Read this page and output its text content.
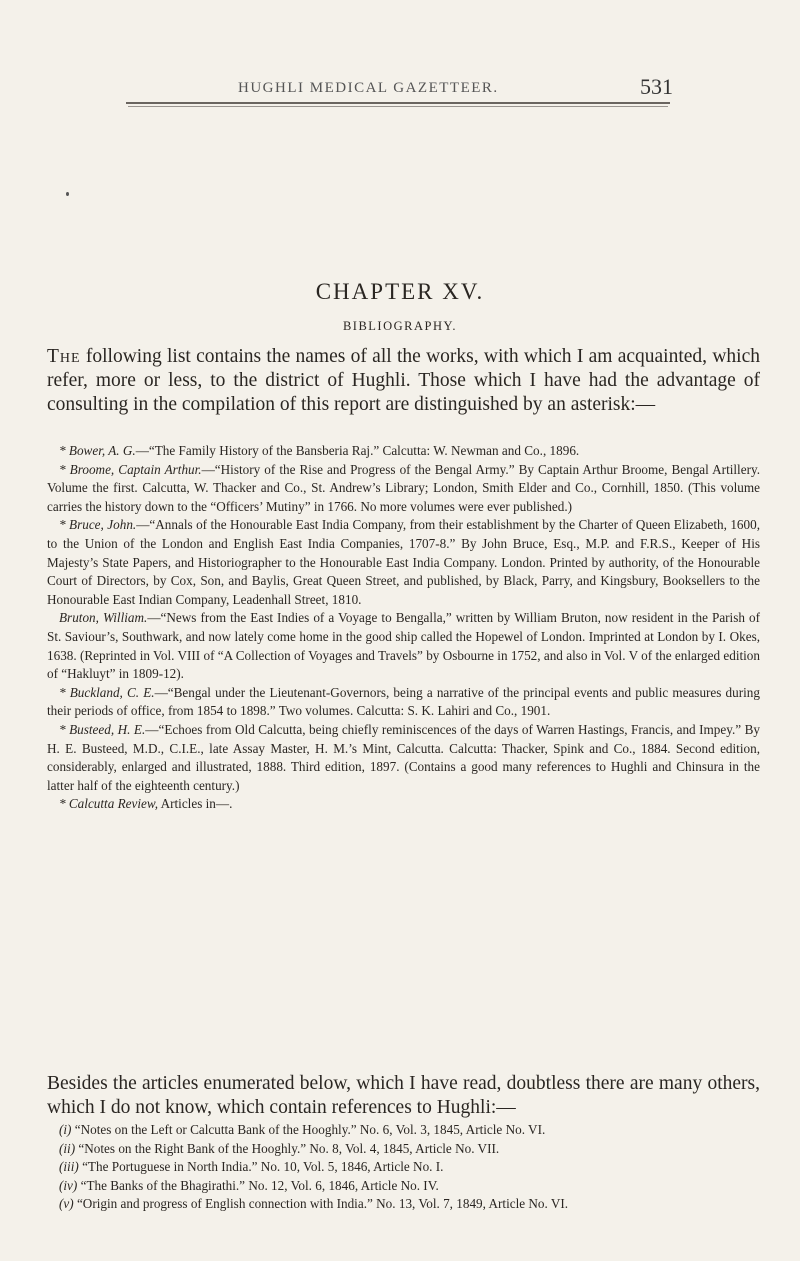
HUGHLI MEDICAL GAZETTEER.	531
CHAPTER XV.
BIBLIOGRAPHY.
The following list contains the names of all the works, with which I am acquainted, which refer, more or less, to the district of Hughli. Those which I have had the advantage of consulting in the compilation of this report are distinguished by an asterisk:—

* Bower, A. G.—“The Family History of the Bansberia Raj.” Calcutta: W. Newman and Co., 1896.

* Broome, Captain Arthur.—“History of the Rise and Progress of the Bengal Army.” By Captain Arthur Broome, Bengal Artillery. Volume the first. Calcutta, W. Thacker and Co., St. Andrew’s Library; London, Smith Elder and Co., Cornhill, 1850. (This volume carries the history down to the “Officers’ Mutiny” in 1766. No more volumes were ever published.)

* Bruce, John.—“Annals of the Honourable East India Company, from their establishment by the Charter of Queen Elizabeth, 1600, to the Union of the London and English East India Companies, 1707-8.” By John Bruce, Esq., M.P. and F.R.S., Keeper of His Majesty’s State Papers, and Historiographer to the Honourable East India Company. London. Printed by authority, of the Honourable Court of Directors, by Cox, Son, and Baylis, Great Queen Street, and published, by Black, Parry, and Kingsbury, Booksellers to the Honourable East Indian Company, Leadenhall Street, 1810.

Bruton, William.—“News from the East Indies of a Voyage to Bengalla,” written by William Bruton, now resident in the Parish of St. Saviour’s, Southwark, and now lately come home in the good ship called the Hopewel of London. Imprinted at London by I. Okes, 1638. (Reprinted in Vol. VIII of “A Collection of Voyages and Travels” by Osbourne in 1752, and also in Vol. V of the enlarged edition of “Hakluyt” in 1809-12).

* Buckland, C. E.—“Bengal under the Lieutenant-Governors, being a narrative of the principal events and public measures during their periods of office, from 1854 to 1898.” Two volumes. Calcutta: S. K. Lahiri and Co., 1901.

* Busteed, H. E.—“Echoes from Old Calcutta, being chiefly reminiscences of the days of Warren Hastings, Francis, and Impey.” By H. E. Busteed, M.D., C.I.E., late Assay Master, H. M.’s Mint, Calcutta. Calcutta: Thacker, Spink and Co., 1884. Second edition, considerably, enlarged and illustrated, 1888. Third edition, 1897. (Contains a good many references to Hughli and Chinsura in the latter half of the eighteenth century.)

* Calcutta Review, Articles in—.

Besides the articles enumerated below, which I have read, doubtless there are many others, which I do not know, which contain references to Hughli:—

(i) “Notes on the Left or Calcutta Bank of the Hooghly.” No. 6, Vol. 3, 1845, Article No. VI.

(ii) “Notes on the Right Bank of the Hooghly.” No. 8, Vol. 4, 1845, Article No. VII.

(iii) “The Portuguese in North India.” No. 10, Vol. 5, 1846, Article No. I.

(iv) “The Banks of the Bhagirathi.” No. 12, Vol. 6, 1846, Article No. IV.

(v) “Origin and progress of English connection with India.” No. 13, Vol. 7, 1849, Article No. VI.
